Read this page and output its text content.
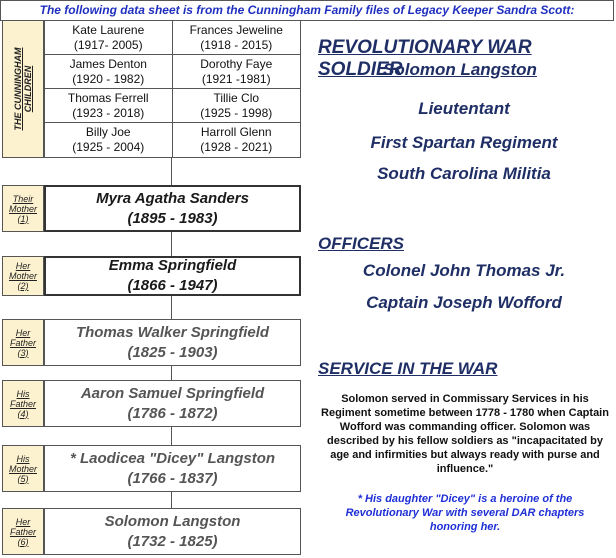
The following data sheet is from the Cunningham Family files of Legacy Keeper Sandra Scott:
THE CUNNINGHAM CHILDREN
Kate Laurene
(1917- 2005)
Frances Jeweline
(1918 - 2015)
James Denton
(1920 - 1982)
Dorothy Faye
(1921 -1981)
Thomas Ferrell
(1923 - 2018)
Tillie Clo
(1925 - 1998)
Billy Joe
(1925 - 2004)
Harroll Glenn
(1928 - 2021)
Their
Mother
(1)
Myra Agatha Sanders
(1895 - 1983)
Her
Mother
(2)
Emma Springfield
(1866 - 1947)
Her
Father
(3)
Thomas Walker Springfield
(1825 - 1903)
His
Father
(4)
Aaron Samuel Springfield
(1786 - 1872)
His
Mother
(5)
* Laodicea "Dicey" Langston
(1766 - 1837)
Her
Father
(6)
Solomon Langston
(1732 - 1825)
REVOLUTIONARY WAR SOLDIER
Solomon Langston
Lieutentant
First Spartan Regiment
South Carolina Militia
OFFICERS
Colonel John Thomas Jr.
Captain Joseph Wofford
SERVICE IN THE WAR
Solomon served in Commissary Services in his Regiment sometime between 1778 - 1780 when Captain Wofford was commanding officer. Solomon was described by his fellow soldiers as "incapacitated by age and infirmities but always ready with purse and influence."
* His daughter "Dicey" is a heroine of the Revolutionary War with several DAR chapters honoring her.
